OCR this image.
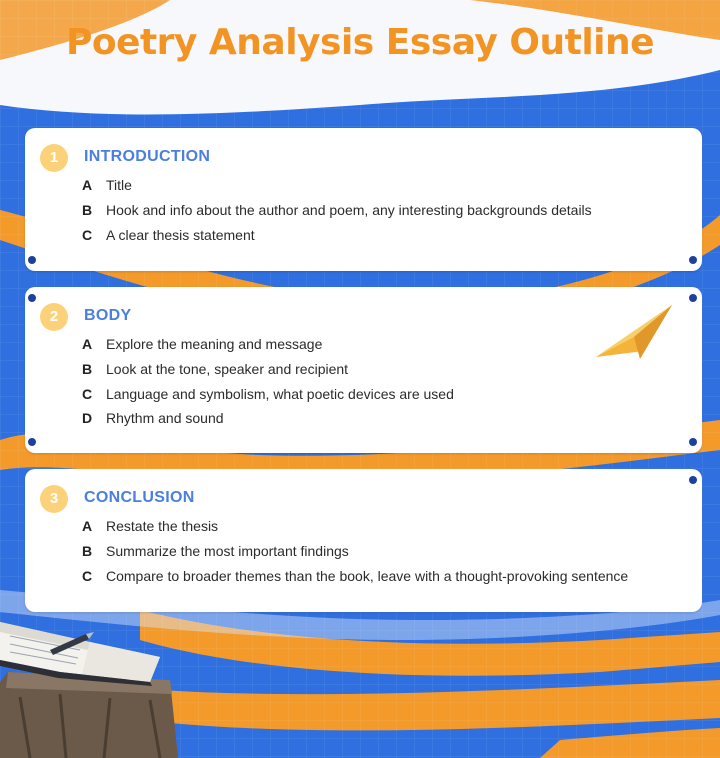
Poetry Analysis Essay Outline
1	INTRODUCTION
A Title
B Hook and info about the author and poem, any interesting backgrounds details
C A clear thesis statement
2	BODY
A Explore the meaning and message
B Look at the tone, speaker and recipient
C Language and symbolism, what poetic devices are used
D Rhythm and sound
3	CONCLUSION
A Restate the thesis
B Summarize the most important findings
C Compare to broader themes than the book, leave with a thought-provoking sentence
